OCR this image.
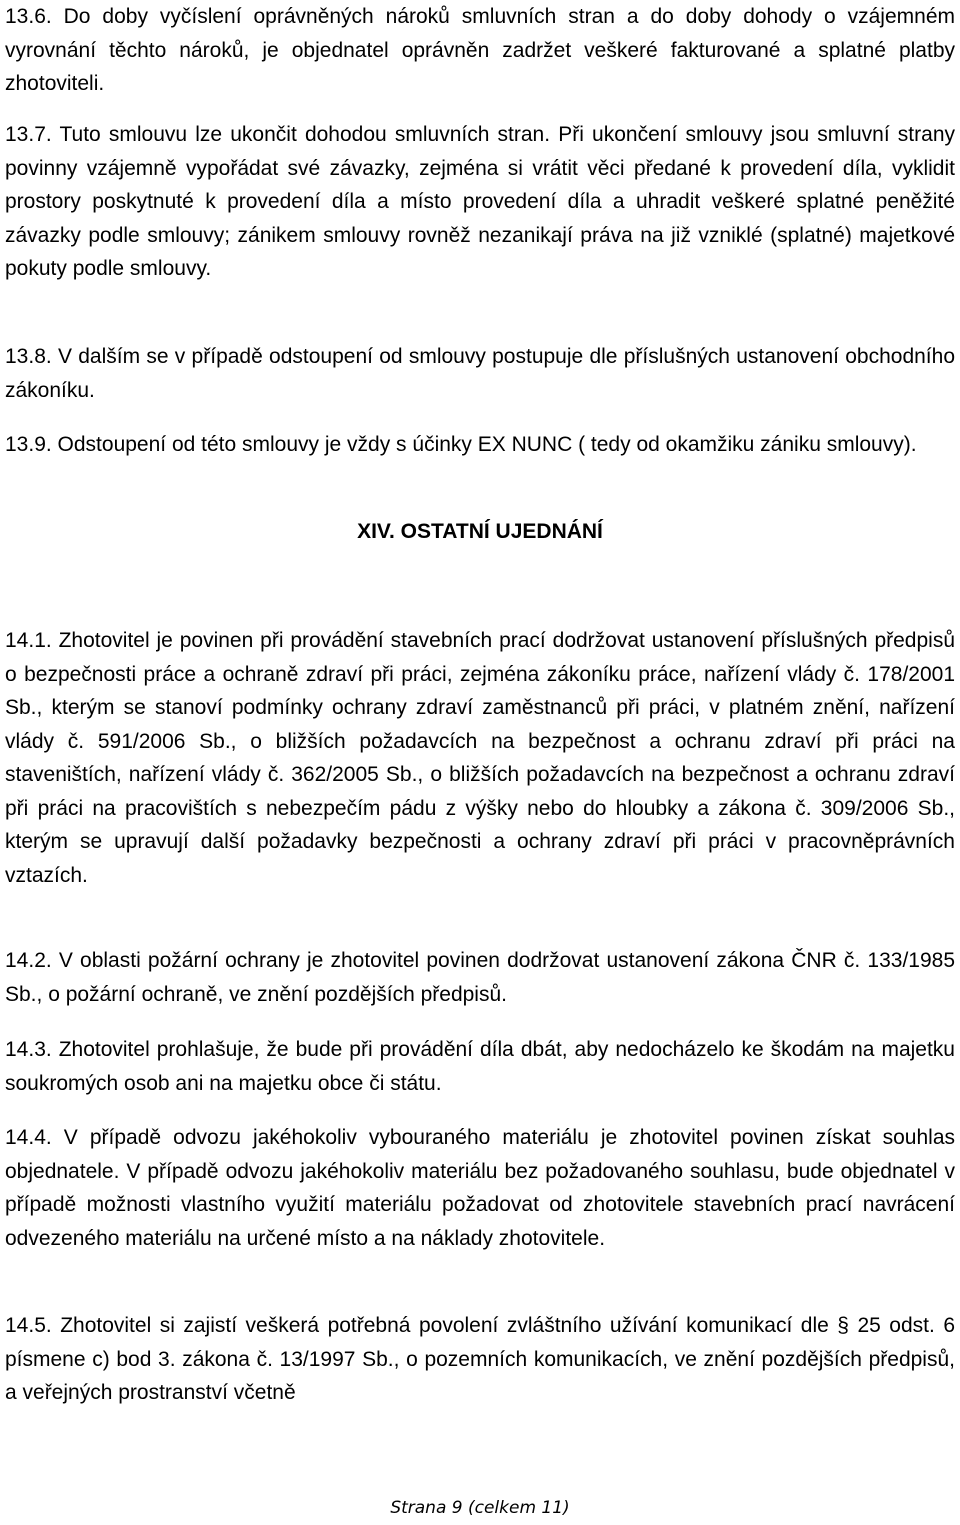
13.6. Do doby vyčíslení oprávněných nároků smluvních stran a do doby dohody o vzájemném vyrovnání těchto nároků, je objednatel oprávněn zadržet veškeré fakturované a splatné platby zhotoviteli.

13.7. Tuto smlouvu lze ukončit dohodou smluvních stran. Při ukončení smlouvy jsou smluvní strany povinny vzájemně vypořádat své závazky, zejména si vrátit věci předané k provedení díla, vyklidit prostory poskytnuté k provedení díla a místo provedení díla a uhradit veškeré splatné peněžité závazky podle smlouvy; zánikem smlouvy rovněž nezanikají práva na již vzniklé (splatné) majetkové pokuty podle smlouvy.

13.8. V dalším se v případě odstoupení od smlouvy postupuje dle příslušných ustanovení obchodního zákoníku.

13.9. Odstoupení od této smlouvy je vždy s účinky EX NUNC ( tedy od okamžiku zániku smlouvy).

XIV. OSTATNÍ UJEDNÁNÍ

14.1. Zhotovitel je povinen při provádění stavebních prací dodržovat ustanovení příslušných předpisů o bezpečnosti práce a ochraně zdraví při práci, zejména zákoníku práce, nařízení vlády č. 178/2001 Sb., kterým se stanoví podmínky ochrany zdraví zaměstnanců při práci, v platném znění, nařízení vlády č. 591/2006 Sb., o bližších požadavcích na bezpečnost a ochranu zdraví při práci na staveništích, nařízení vlády č. 362/2005 Sb., o bližších požadavcích na bezpečnost a ochranu zdraví při práci na pracovištích s nebezpečím pádu z výšky nebo do hloubky a zákona č. 309/2006 Sb., kterým se upravují další požadavky bezpečnosti a ochrany zdraví při práci v pracovněprávních vztazích.

14.2. V oblasti požární ochrany je zhotovitel povinen dodržovat ustanovení zákona ČNR č. 133/1985 Sb., o požární ochraně, ve znění pozdějších předpisů.

14.3. Zhotovitel prohlašuje, že bude při provádění díla dbát, aby nedocházelo ke škodám na majetku soukromých osob ani na majetku obce či státu.

14.4. V případě odvozu jakéhokoliv vybouraného materiálu je zhotovitel povinen získat souhlas objednatele. V případě odvozu jakéhokoliv materiálu bez požadovaného souhlasu, bude objednatel v případě možnosti vlastního využití materiálu požadovat od zhotovitele stavebních prací navrácení odvezeného materiálu na určené místo a na náklady zhotovitele.

14.5. Zhotovitel si zajistí veškerá potřebná povolení zvláštního užívání komunikací dle § 25 odst. 6 písmene c) bod 3. zákona č. 13/1997 Sb., o pozemních komunikacích, ve znění pozdějších předpisů, a veřejných prostranství včetně

Strana 9 (celkem 11)
